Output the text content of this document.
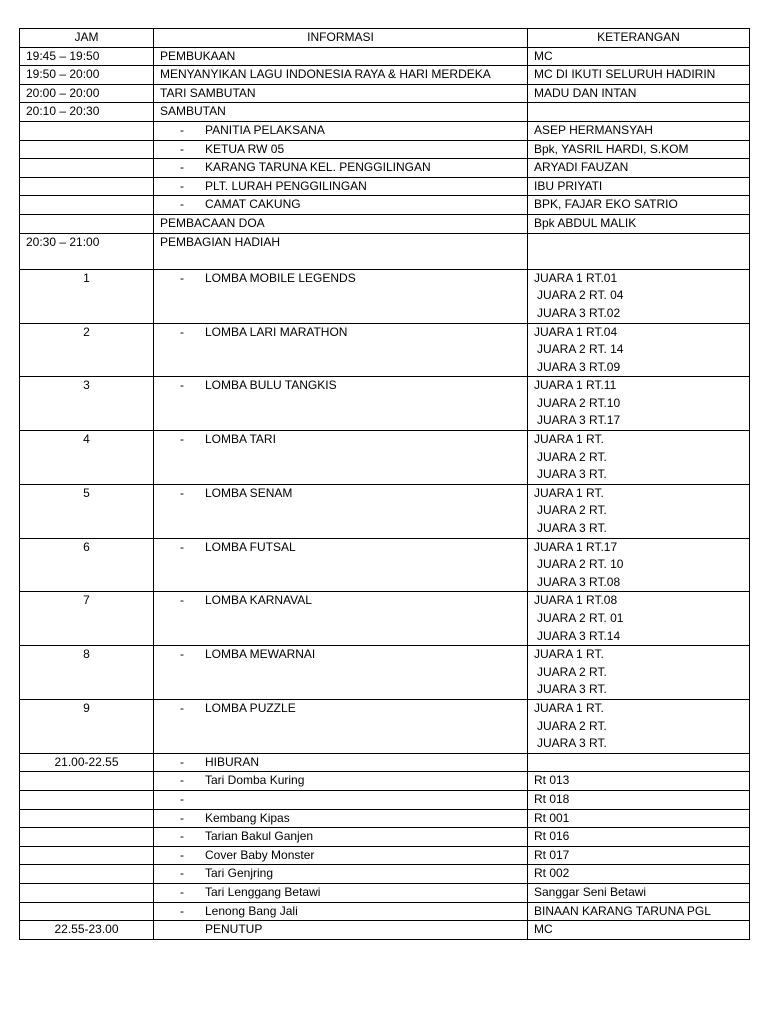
JAM	INFORMASI	KETERANGAN
19:45 – 19:50	PEMBUKAAN	MC
19:50 – 20:00	MENYANYIKAN LAGU INDONESIA RAYA & HARI MERDEKA	MC DI IKUTI SELURUH HADIRIN
20:00 – 20:00	TARI SAMBUTAN	MADU DAN INTAN
20:10 – 20:30	SAMBUTAN	
	- PANITIA PELAKSANA	ASEP HERMANSYAH
	- KETUA RW 05	Bpk, YASRIL HARDI, S.KOM
	- KARANG TARUNA KEL. PENGGILINGAN	ARYADI FAUZAN
	- PLT. LURAH PENGGILINGAN	IBU PRIYATI
	- CAMAT CAKUNG	BPK, FAJAR EKO SATRIO
	PEMBACAAN DOA	Bpk ABDUL MALIK
20:30 – 21:00	PEMBAGIAN HADIAH	
1	- LOMBA MOBILE LEGENDS	JUARA 1 RT.01
JUARA 2 RT. 04
JUARA 3 RT.02

2	- LOMBA LARI MARATHON	JUARA 1 RT.04
JUARA 2 RT. 14
JUARA 3 RT.09

3	- LOMBA BULU TANGKIS	JUARA 1 RT.11
JUARA 2 RT.10
JUARA 3 RT.17

4	- LOMBA TARI	JUARA 1 RT.
JUARA 2 RT.
JUARA 3 RT.

5	- LOMBA SENAM	JUARA 1 RT.
JUARA 2 RT.
JUARA 3 RT.

6	- LOMBA FUTSAL	JUARA 1 RT.17
JUARA 2 RT. 10
JUARA 3 RT.08

7	- LOMBA KARNAVAL	JUARA 1 RT.08
JUARA 2 RT. 01
JUARA 3 RT.14

8	- LOMBA MEWARNAI	JUARA 1 RT.
JUARA 2 RT.
JUARA 3 RT.

9	- LOMBA PUZZLE	JUARA 1 RT.
JUARA 2 RT.
JUARA 3 RT.

21.00-22.55	- HIBURAN	
	- Tari Domba Kuring	Rt 013
	-	Rt 018
	- Kembang Kipas	Rt 001
	- Tarian Bakul Ganjen	Rt 016
	- Cover Baby Monster	Rt 017
	- Tari Genjring	Rt 002
	- Tari Lenggang Betawi	Sanggar Seni Betawi
	- Lenong Bang Jali	BINAAN KARANG TARUNA PGL
22.55-23.00	PENUTUP	MC
